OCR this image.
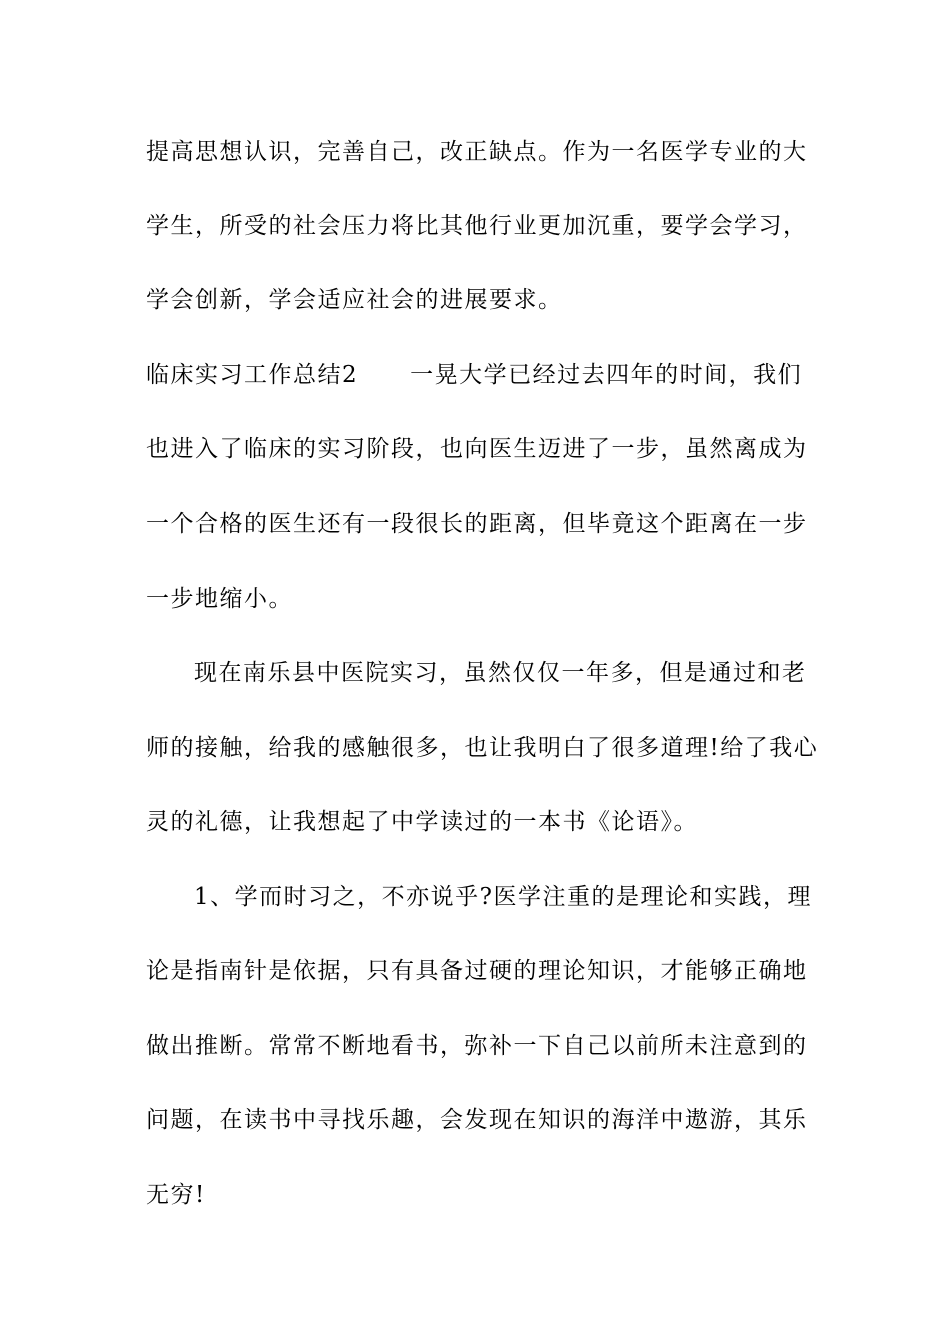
提高思想认识，完善自己，改正缺点。作为一名医学专业的大
学生，所受的社会压力将比其他行业更加沉重，要学会学习，
学会创新，学会适应社会的进展要求。
临床实习工作总结2 一晃大学已经过去四年的时间，我们
也进入了临床的实习阶段，也向医生迈进了一步，虽然离成为
一个合格的医生还有一段很长的距离，但毕竟这个距离在一步
一步地缩小。
现在南乐县中医院实习，虽然仅仅一年多，但是通过和老
师的接触，给我的感触很多，也让我明白了很多道理!给了我心
灵的礼德，让我想起了中学读过的一本书《论语》。
1、学而时习之，不亦说乎?医学注重的是理论和实践，理
论是指南针是依据，只有具备过硬的理论知识，才能够正确地
做出推断。常常不断地看书，弥补一下自己以前所未注意到的
问题，在读书中寻找乐趣，会发现在知识的海洋中遨游，其乐
无穷!
